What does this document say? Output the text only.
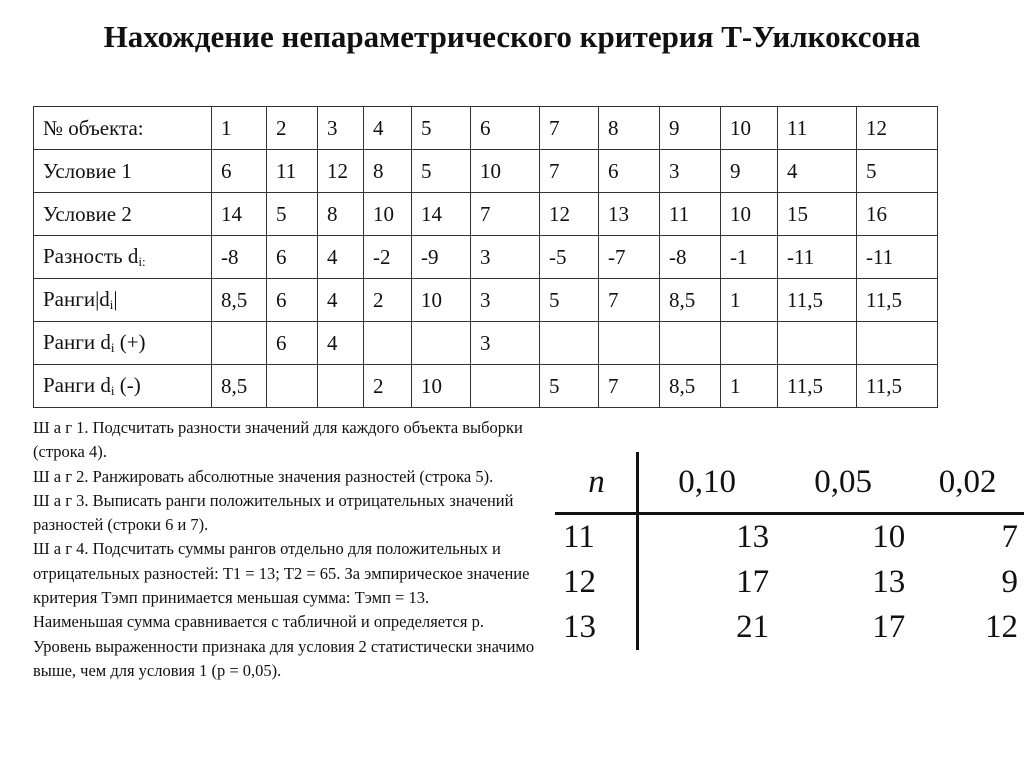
Нахождение непараметрического критерия Т-Уилкоксона
№ объекта:	1	2	3	4	5	6	7	8	9	10	11	12
Условие 1	6	11	12	8	5	10	7	6	3	9	4	5
Условие 2	14	5	8	10	14	7	12	13	11	10	15	16
Разность $d_{i:}$	-8	6	4	-2	-9	3	-5	-7	-8	-1	-11	-11
$Ранги|d_i|$	8,5	6	4	2	10	3	5	7	8,5	1	11,5	11,5
Ранги $d_i$ (+)		6	4			3						
Ранги $d_i$ (-)	8,5			2	10		5	7	8,5	1	11,5	11,5

Ш а г 1. Подсчитать разности значений для каждого объекта выборки (строка 4).

Ш а г 2. Ранжировать абсолютные значения разностей (строка 5).

Ш а г 3. Выписать ранги положительных и отрицательных значений разностей (строки 6 и 7).

Ш а г 4. Подсчитать суммы рангов отдельно для положительных и отрицательных разностей: Т1 = 13; Т2 = 65. За эмпирическое значение критерия Тэмп принимается меньшая сумма: Тэмп = 13.

Наименьшая сумма сравнивается с табличной и определяется р.

Уровень выраженности признака для условия 2 статистически значимо выше, чем для условия 1 (р = 0,05).

n	0,10	0,05	0,02
11	13	10	7
12	17	13	9
13	21	17	12
